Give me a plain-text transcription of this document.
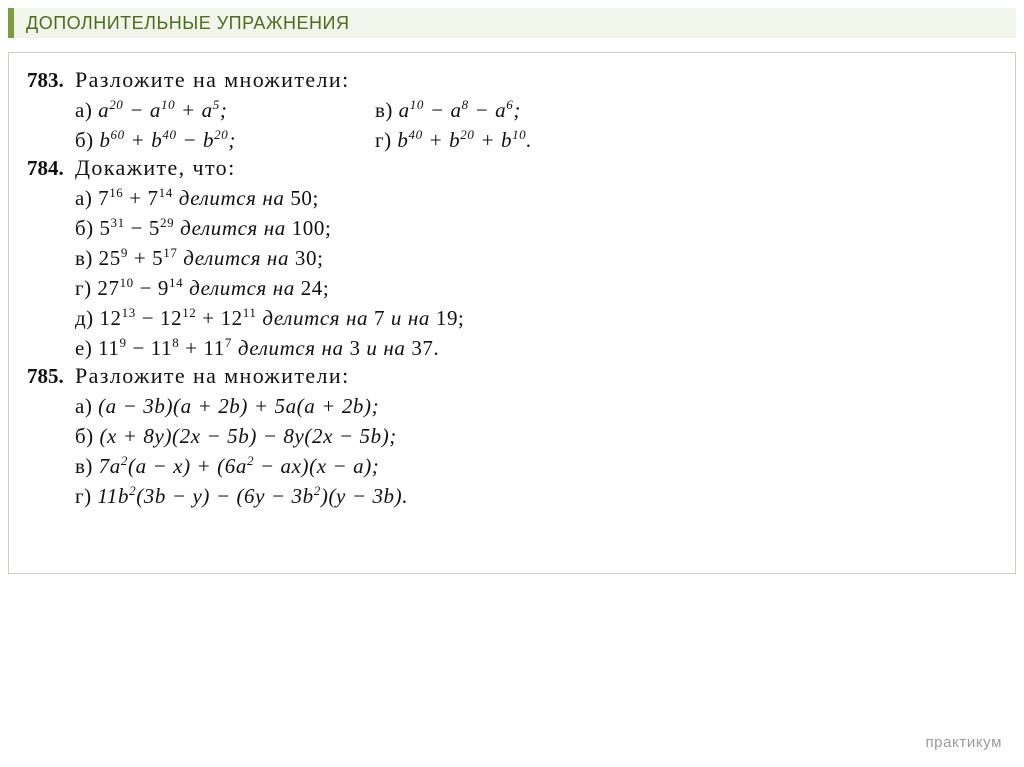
ДОПОЛНИТЕЛЬНЫЕ УПРАЖНЕНИЯ
783. Разложите на множители:
а) $a^{20} - a^{10} + a^5$;	в) $a^{10} - a^8 - a^6$;
б) $b^{60} + b^{40} - b^{20}$;	г) $b^{40} + b^{20} + b^{10}$.
784. Докажите, что:
а) $7^{16} + 7^{14}$ делится на 50;
б) $5^{31} - 5^{29}$ делится на 100;
в) $25^9 + 5^{17}$ делится на 30;
г) $27^{10} - 9^{14}$ делится на 24;
д) $12^{13} - 12^{12} + 12^{11}$ делится на 7 и на 19;
е) $11^9 - 11^8 + 11^7$ делится на 3 и на 37.
785. Разложите на множители:
а) (a − 3b)(a + 2b) + 5a(a + 2b);
б) (x + 8y)(2x − 5b) − 8y(2x − 5b);
в) $7a^2(a - x) + (6a^2 - ax)(x - a)$;
г) $11b^2(3b - y) - (6y - 3b^2)(y - 3b)$.
практикум
